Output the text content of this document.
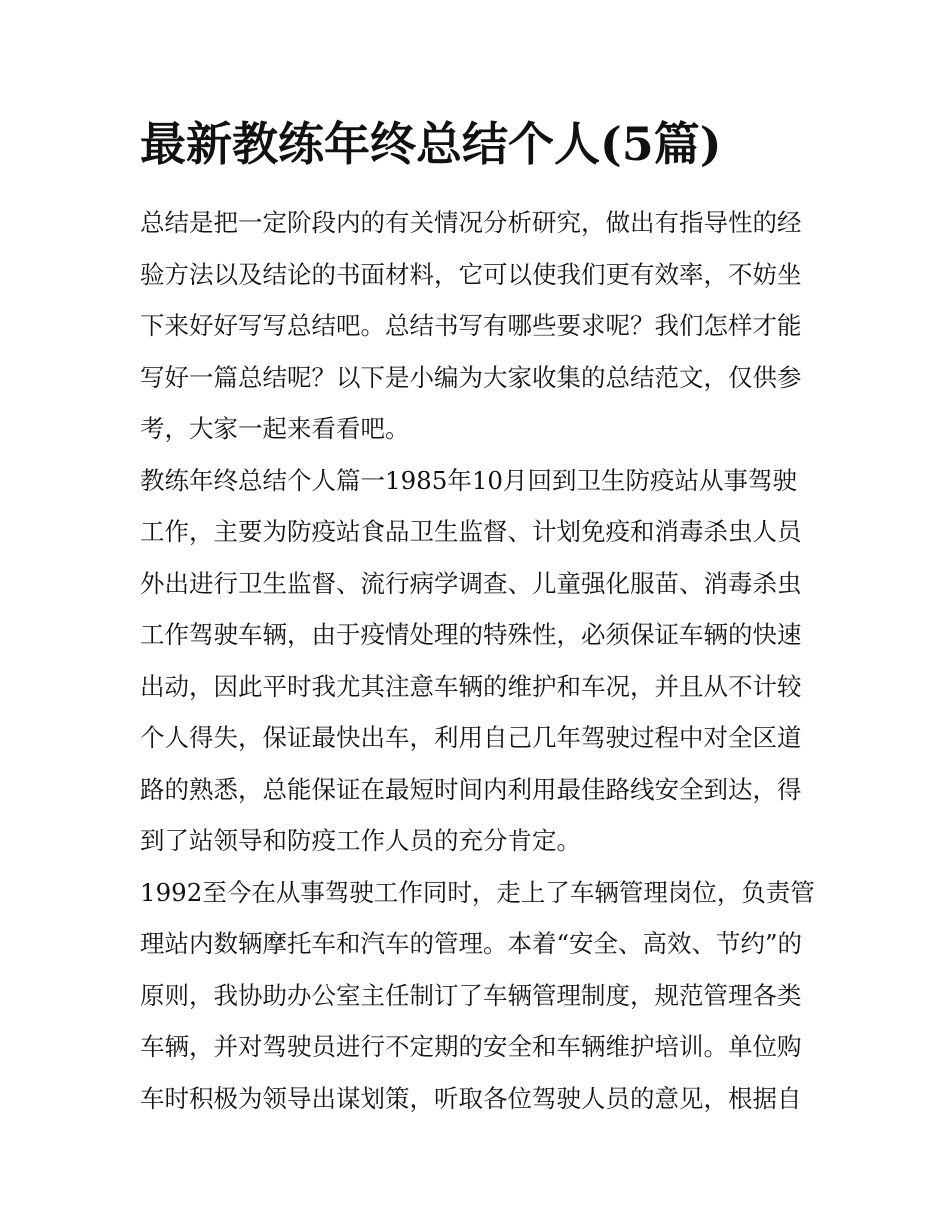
最新教练年终总结个人(5篇)
总结是把一定阶段内的有关情况分析研究，做出有指导性的经
验方法以及结论的书面材料，它可以使我们更有效率，不妨坐
下来好好写写总结吧。总结书写有哪些要求呢？我们怎样才能
写好一篇总结呢？以下是小编为大家收集的总结范文，仅供参
考，大家一起来看看吧。
教练年终总结个人篇一1985年10月回到卫生防疫站从事驾驶
工作，主要为防疫站食品卫生监督、计划免疫和消毒杀虫人员
外出进行卫生监督、流行病学调查、儿童强化服苗、消毒杀虫
工作驾驶车辆，由于疫情处理的特殊性，必须保证车辆的快速
出动，因此平时我尤其注意车辆的维护和车况，并且从不计较
个人得失，保证最快出车，利用自己几年驾驶过程中对全区道
路的熟悉，总能保证在最短时间内利用最佳路线安全到达，得
到了站领导和防疫工作人员的充分肯定。
1992至今在从事驾驶工作同时，走上了车辆管理岗位，负责管
理站内数辆摩托车和汽车的管理。本着“安全、高效、节约”的
原则，我协助办公室主任制订了车辆管理制度，规范管理各类
车辆，并对驾驶员进行不定期的安全和车辆维护培训。单位购
车时积极为领导出谋划策，听取各位驾驶人员的意见，根据自
